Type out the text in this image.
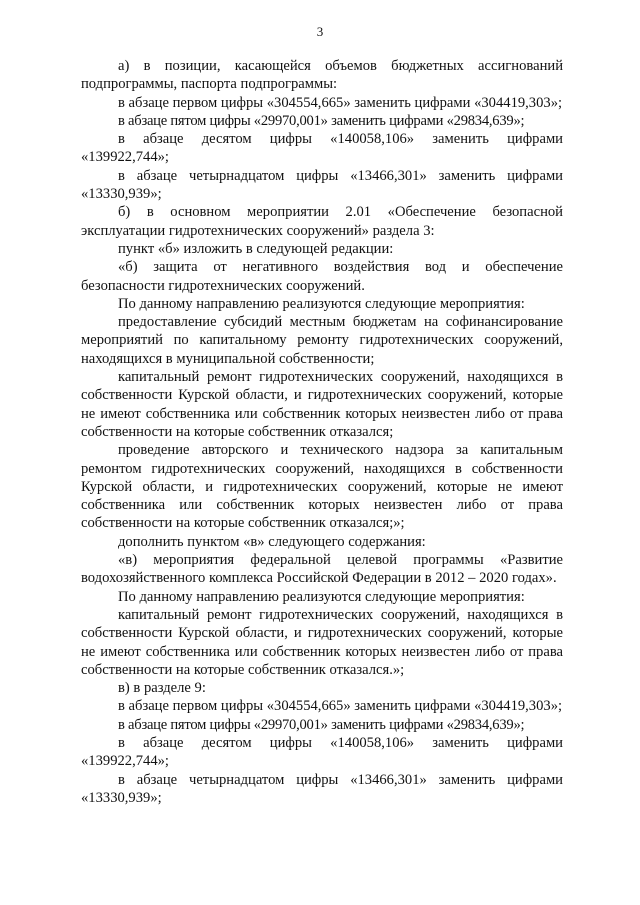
3

а) в позиции, касающейся объемов бюджетных ассигнований подпрограммы, паспорта подпрограммы:

в абзаце первом цифры «304554,665» заменить цифрами «304419,303»;

в абзаце пятом цифры «29970,001» заменить цифрами «29834,639»;

в абзаце десятом цифры «140058,106» заменить цифрами «139922,744»;

в абзаце четырнадцатом цифры «13466,301» заменить цифрами «13330,939»;

б) в основном мероприятии 2.01 «Обеспечение безопасной эксплуатации гидротехнических сооружений» раздела 3:

пункт «б» изложить в следующей редакции:

«б) защита от негативного воздействия вод и обеспечение безопасности гидротехнических сооружений.

По данному направлению реализуются следующие мероприятия:

предоставление субсидий местным бюджетам на софинансирование мероприятий по капитальному ремонту гидротехнических сооружений, находящихся в муниципальной собственности;

капитальный ремонт гидротехнических сооружений, находящихся в собственности Курской области, и гидротехнических сооружений, которые не имеют собственника или собственник которых неизвестен либо от права собственности на которые собственник отказался;

проведение авторского и технического надзора за капитальным ремонтом гидротехнических сооружений, находящихся в собственности Курской области, и гидротехнических сооружений, которые не имеют собственника или собственник которых неизвестен либо от права собственности на которые собственник отказался;»;

дополнить пунктом «в» следующего содержания:

«в) мероприятия федеральной целевой программы «Развитие водохозяйственного комплекса Российской Федерации в 2012 – 2020 годах».

По данному направлению реализуются следующие мероприятия:

капитальный ремонт гидротехнических сооружений, находящихся в собственности Курской области, и гидротехнических сооружений, которые не имеют собственника или собственник которых неизвестен либо от права собственности на которые собственник отказался.»;

в) в разделе 9:

в абзаце первом цифры «304554,665» заменить цифрами «304419,303»;

в абзаце пятом цифры «29970,001» заменить цифрами «29834,639»;

в абзаце десятом цифры «140058,106» заменить цифрами «139922,744»;

в абзаце четырнадцатом цифры «13466,301» заменить цифрами «13330,939»;
